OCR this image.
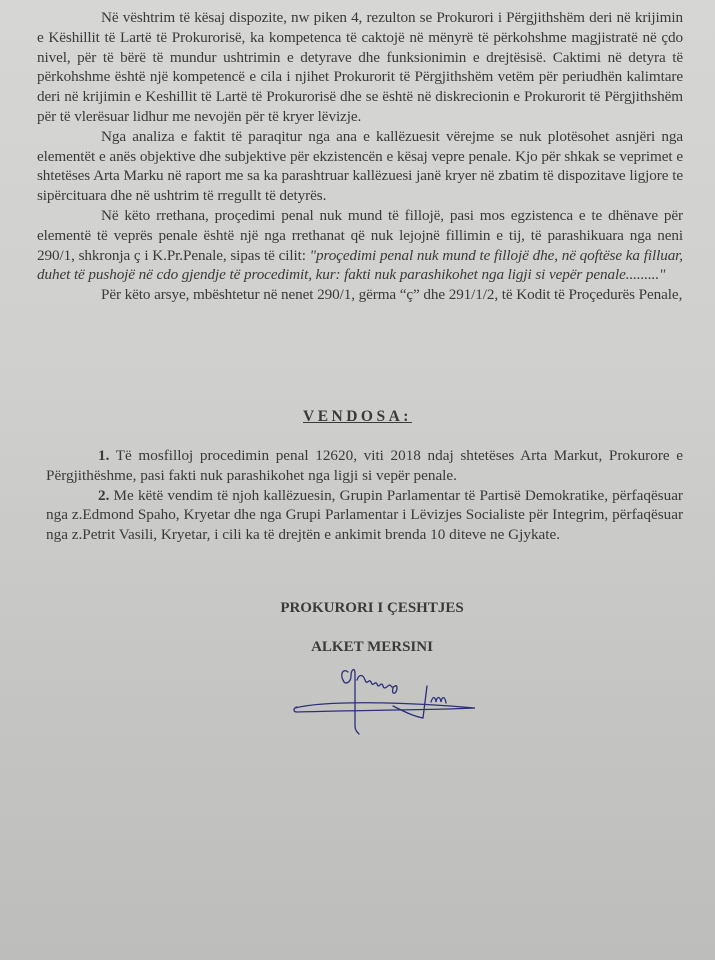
Në vështrim të kësaj dispozite, nw piken 4, rezulton se Prokurori i Përgjithshëm deri në krijimin e Këshillit të Lartë të Prokurorisë, ka kompetenca të caktojë në mënyrë të përkohshme magjistratë në çdo nivel, për të bërë të mundur ushtrimin e detyrave dhe funksionimin e drejtësisë. Caktimi në detyra të përkohshme është një kompetencë e cila i njihet Prokurorit të Përgjithshëm vetëm për periudhën kalimtare deri në krijimin e Keshillit të Lartë të Prokurorisë dhe se është në diskrecionin e Prokurorit të Përgjithshëm për të vlerësuar lidhur me nevojën për të kryer lëvizje.

Nga analiza e faktit të paraqitur nga ana e kallëzuesit vërejme se nuk plotësohet asnjëri nga elementët e anës objektive dhe subjektive për ekzistencën e kësaj vepre penale. Kjo për shkak se veprimet e shtetëses Arta Marku në raport me sa ka parashtruar kallëzuesi janë kryer në zbatim të dispozitave ligjore te sipërcituara dhe në ushtrim të rregullt të detyrës.

Në këto rrethana, proçedimi penal nuk mund të fillojë, pasi mos egzistenca e te dhënave për elementë të veprës penale është një nga rrethanat që nuk lejojnë fillimin e tij, të parashikuara nga neni 290/1, shkronja ç i K.Pr.Penale, sipas të cilit: "proçedimi penal nuk mund te fillojë dhe, në qoftëse ka filluar, duhet të pushojë në cdo gjendje të procedimit, kur: fakti nuk parashikohet nga ligji si vepër penale........."

Për këto arsye, mbështetur në nenet 290/1, gërma “ç” dhe 291/1/2, të Kodit të Proçedurës Penale,

VENDOSA:

1. Të mosfilloj procedimin penal 12620, viti 2018 ndaj shtetëses Arta Markut, Prokurore e Përgjithëshme, pasi fakti nuk parashikohet nga ligji si vepër penale.

2. Me këtë vendim të njoh kallëzuesin, Grupin Parlamentar të Partisë Demokratike, përfaqësuar nga z.Edmond Spaho, Kryetar dhe nga Grupi Parlamentar i Lëvizjes Socialiste për Integrim, përfaqësuar nga z.Petrit Vasili, Kryetar, i cili ka të drejtën e ankimit brenda 10 diteve ne Gjykate.

PROKURORI I ÇESHTJES
ALKET MERSINI
